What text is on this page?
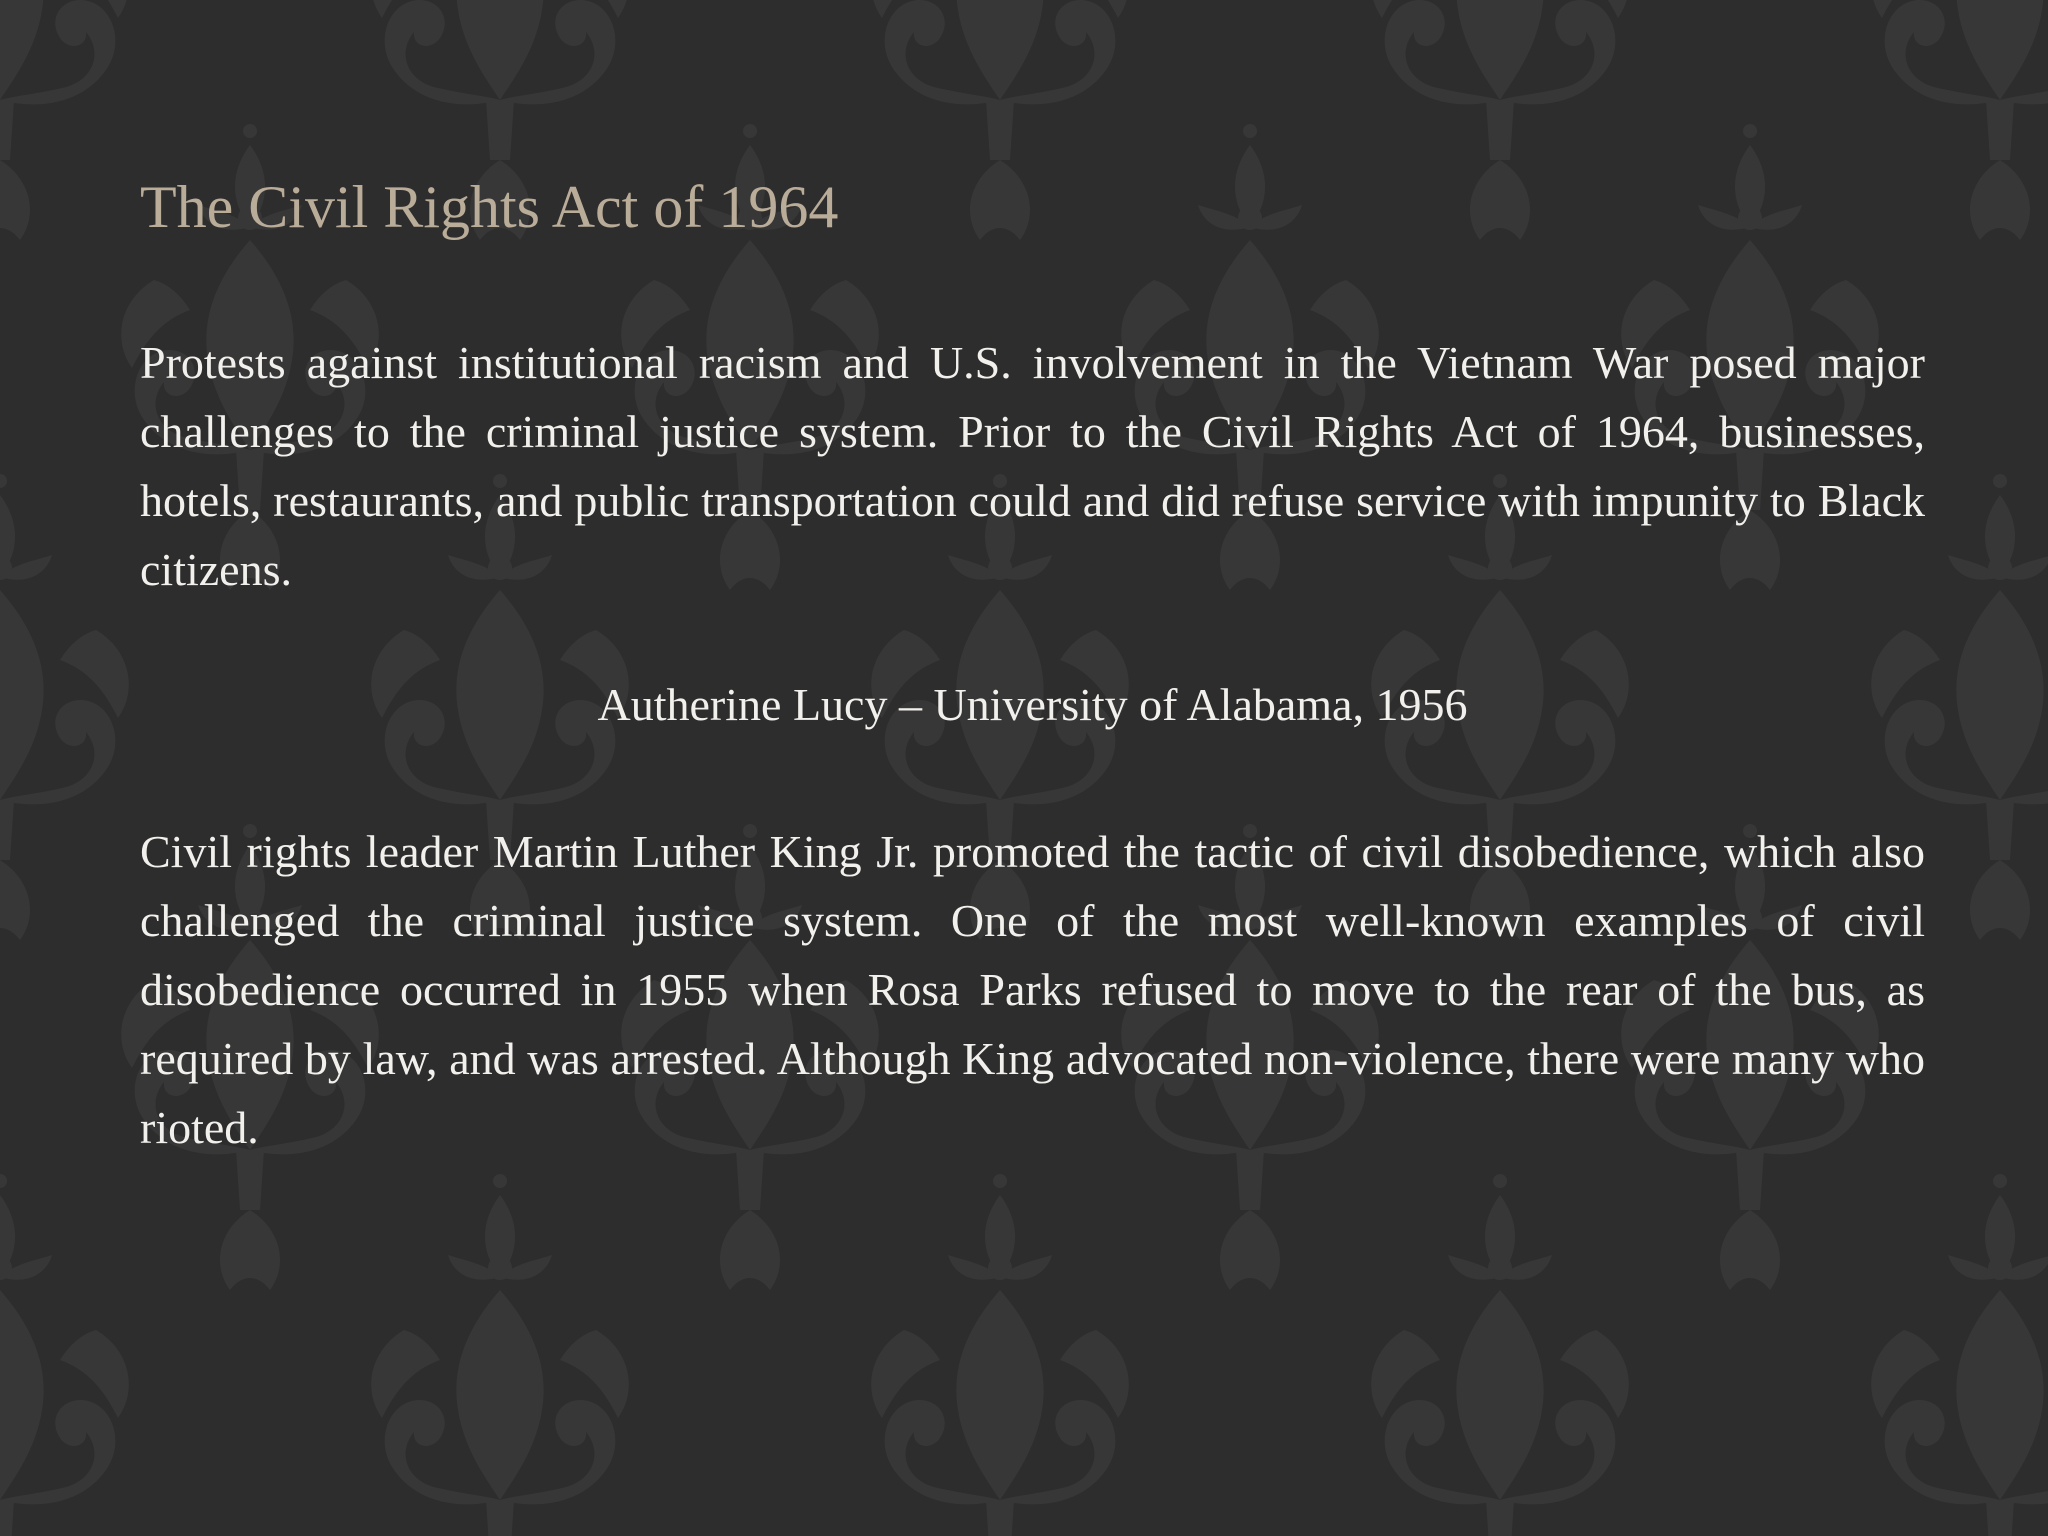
The Civil Rights Act of 1964

Protests against institutional racism and U.S. involvement in the Vietnam War posed major challenges to the criminal justice system. Prior to the Civil Rights Act of 1964, businesses, hotels, restaurants, and public transportation could and did refuse service with impunity to Black citizens.

Autherine Lucy – University of Alabama, 1956

Civil rights leader Martin Luther King Jr. promoted the tactic of civil disobedience, which also challenged the criminal justice system. One of the most well-known examples of civil disobedience occurred in 1955 when Rosa Parks refused to move to the rear of the bus, as required by law, and was arrested. Although King advocated non-violence, there were many who rioted.
